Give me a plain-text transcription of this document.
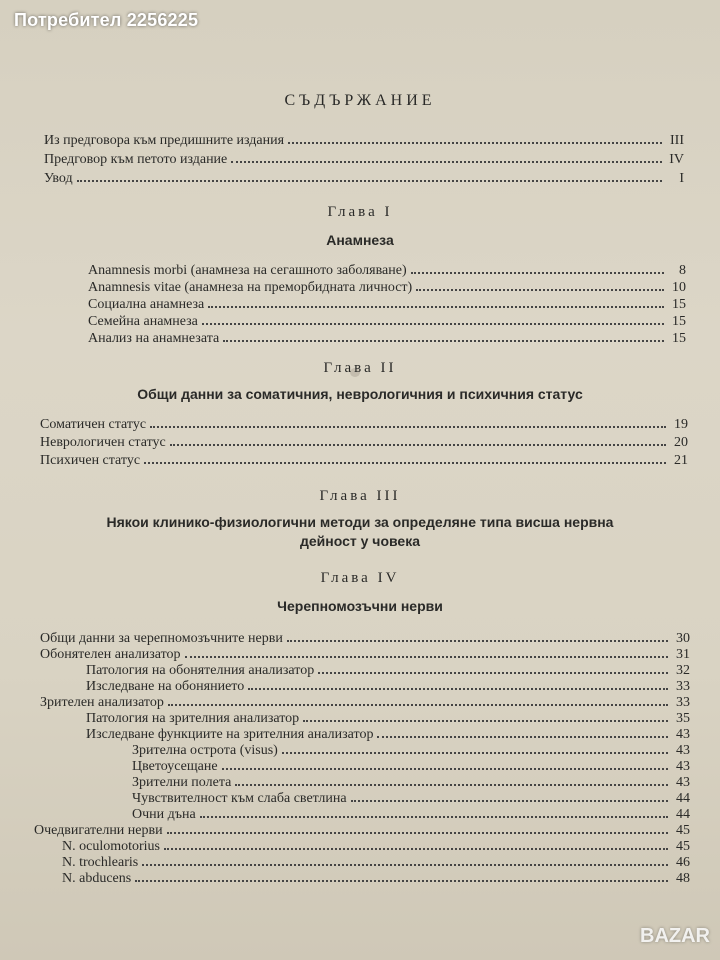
Потребител 2256225
СЪДЪРЖАНИЕ
Из предговора към предишните издания	III
Предговор към петото издание	IV
Увод	I
Глава I
Анамнеза
Anamnesis morbi (анамнеза на сегашното заболяване)	8
Anamnesis vitae (анамнеза на преморбидната личност)	10
Социална анамнеза	15
Семейна анамнеза	15
Анализ на анамнезата	15
Глава II
Общи данни за соматичния, неврологичния и психичния статус
Соматичен статус	19
Неврологичен статус	20
Психичен статус	21
Глава III
Някои клинико-физиологични методи за определяне типа висша нервна
дейност у човека
Глава IV
Черепномозъчни нерви
Общи данни за черепномозъчните нерви	30
Обонятелен анализатор	31
Патология на обонятелния анализатор	32
Изследване на обонянието	33
Зрителен анализатор	33
Патология на зрителния анализатор	35
Изследване функциите на зрителния анализатор	43
Зрителна острота (visus)	43
Цветоусещане	43
Зрителни полета	43
Чувствителност към слаба светлина	44
Очни дъна	44
Очедвигателни нерви	45
N. oculomotorius	45
N. trochlearis	46
N. abducens	48
BAZAR
